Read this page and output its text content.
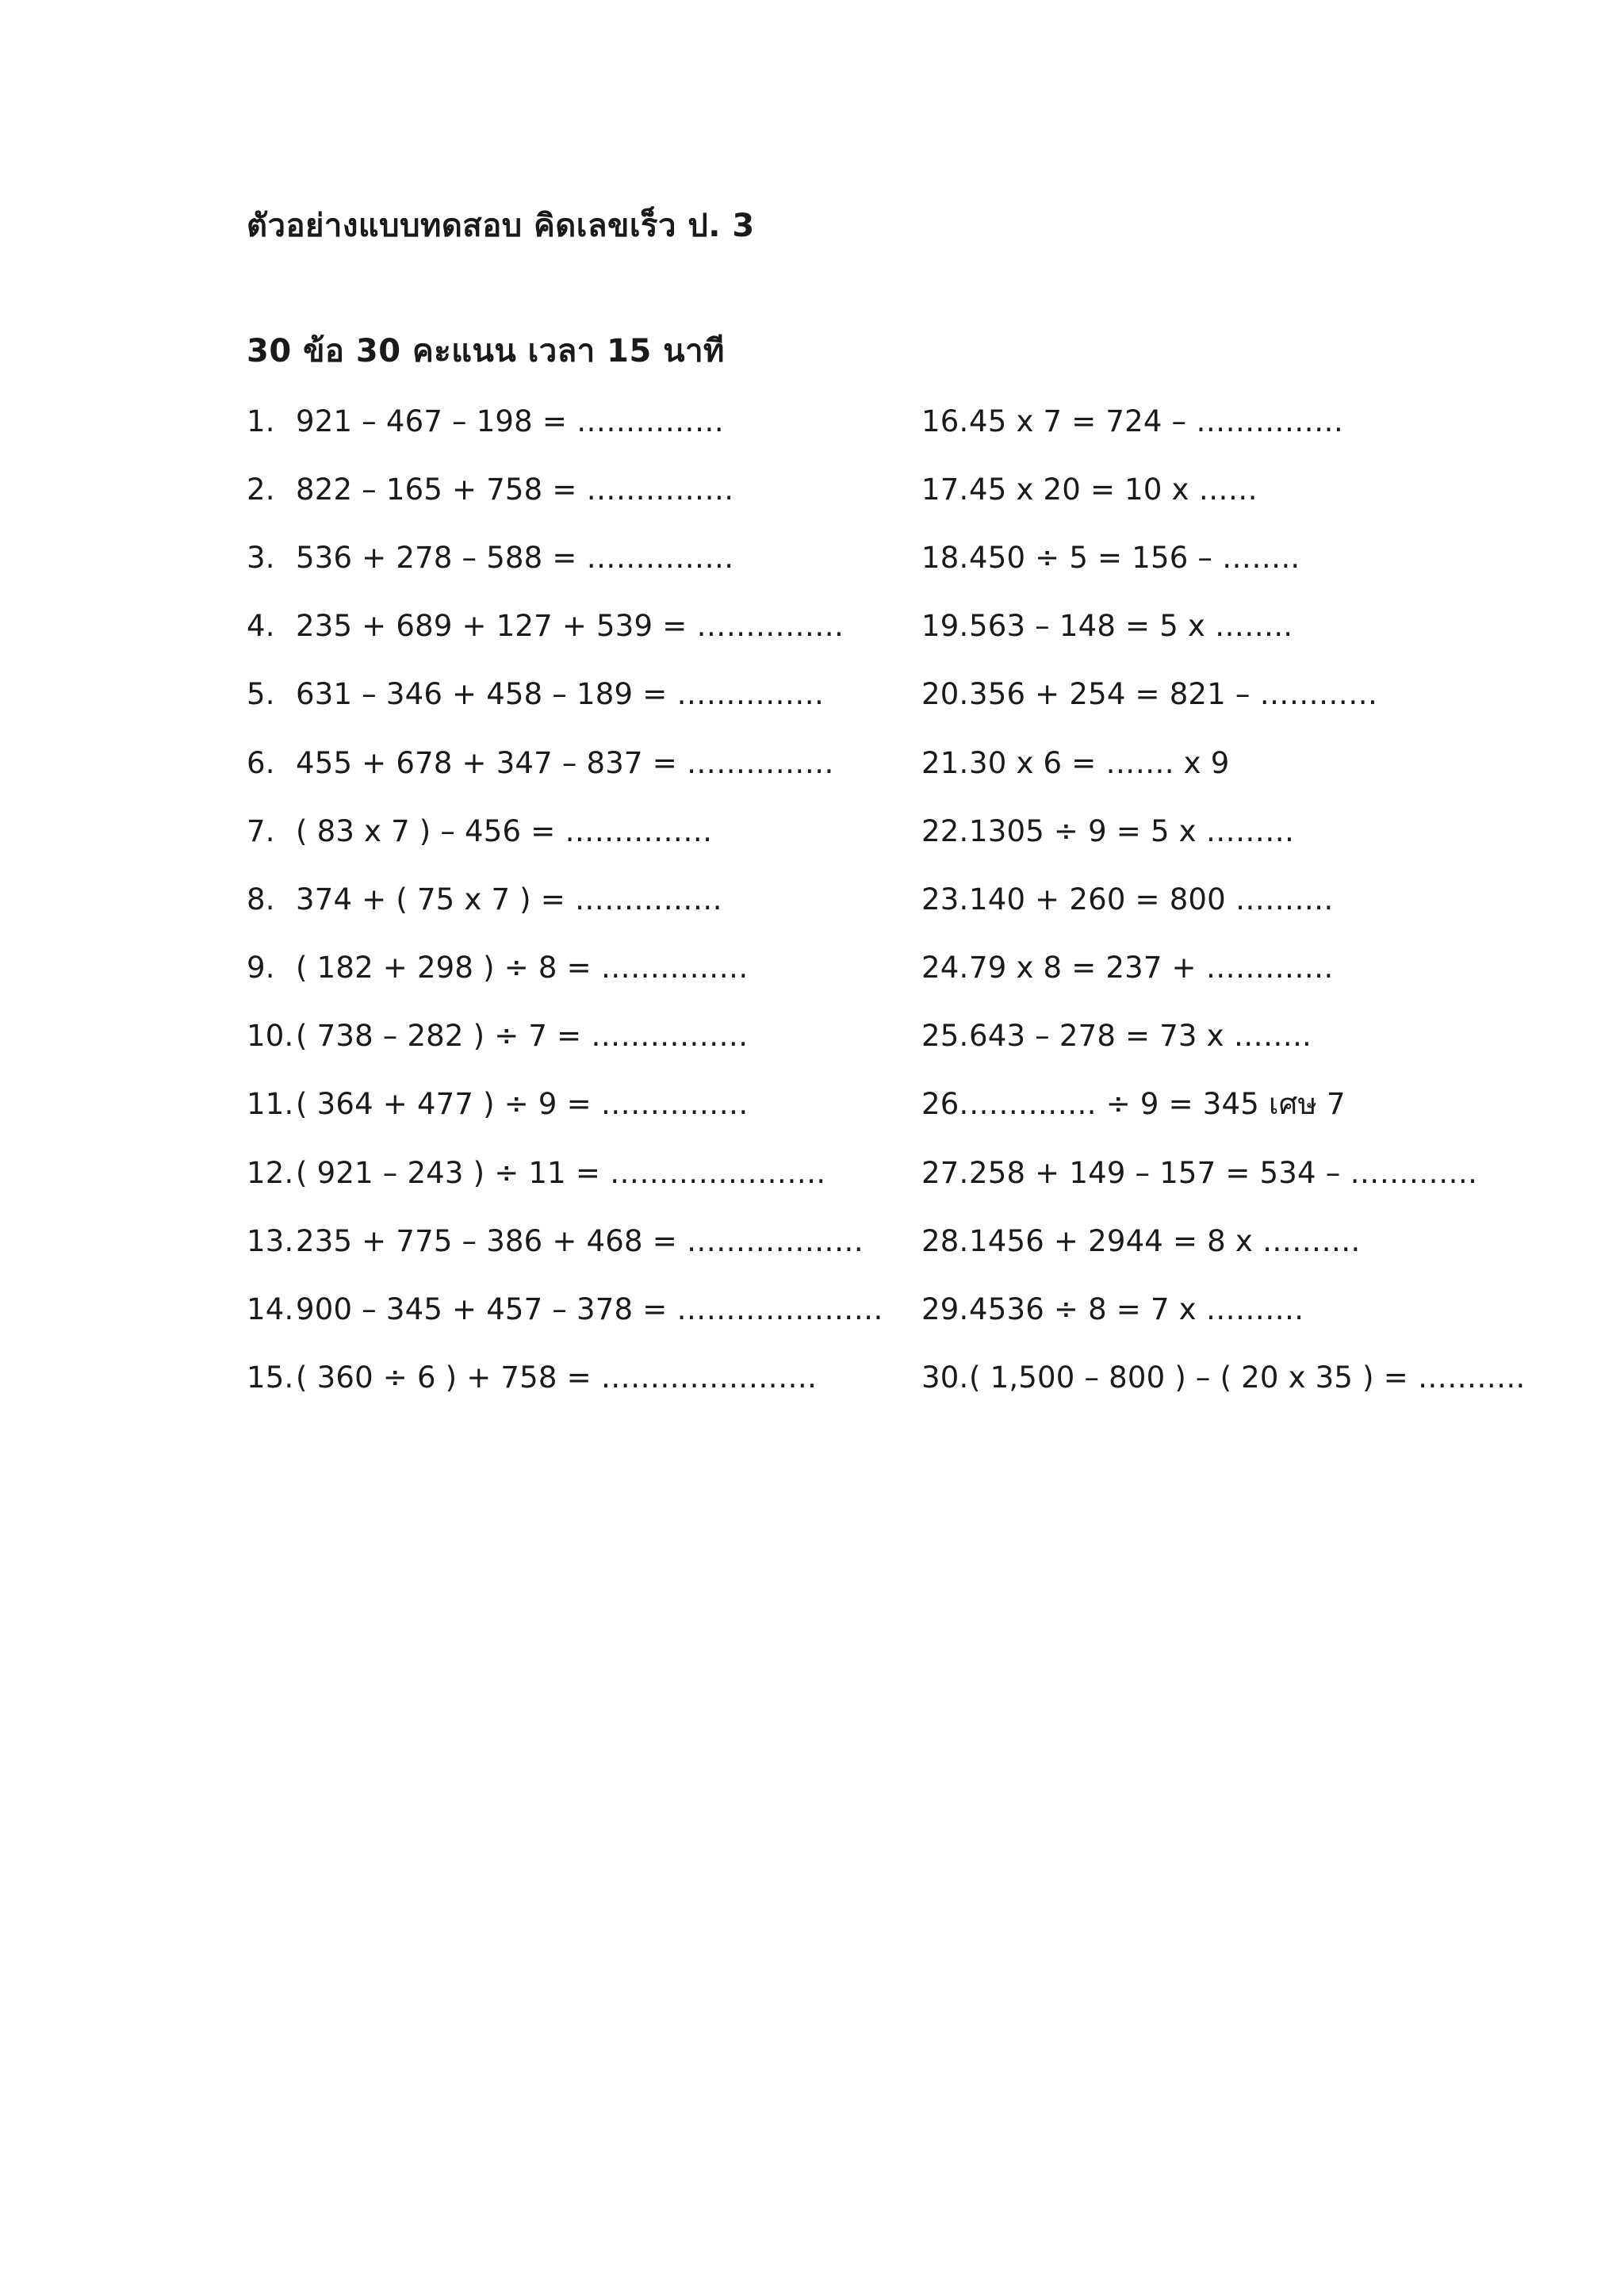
ตัวอย่างแบบทดสอบ คิดเลขเร็ว ป. 3
30 ข้อ 30 คะแนน เวลา 15 นาที
1. 921 – 467 – 198 = ……………
2. 822 – 165 + 758 = ……………
3. 536 + 278 – 588 = ……………
4. 235 + 689 + 127 + 539 = ……………
5. 631 – 346 + 458 – 189 = ……………
6. 455 + 678 + 347 – 837 = ……………
7. ( 83 x 7 ) – 456 = ……………
8. 374 + ( 75 x 7 ) = ……………
9. ( 182 + 298 ) ÷ 8 = ……………
10. ( 738 – 282 ) ÷ 7 = …………….
11. ( 364 + 477 ) ÷ 9 = ……………
12. ( 921 – 243 ) ÷ 11 = ………………….
13. 235 + 775 – 386 + 468 = ………………
14. 900 – 345 + 457 – 378 = …………………
15. ( 360 ÷ 6 ) + 758 = ………………….
16. 45 x 7 = 724 – ……………
17. 45 x 20 = 10 x ……
18. 450 ÷ 5 = 156 – ……..
19. 563 – 148 = 5 x ……..
20. 356 + 254 = 821 – …………
21. 30 x 6 = ……. x 9
22. 1305 ÷ 9 = 5 x ………
23. 140 + 260 = 800 ……….
24. 79 x 8 = 237 + ………….
25. 643 – 278 = 73 x ……..
26. …………. ÷ 9 = 345 เศษ 7
27. 258 + 149 – 157 = 534 – ………….
28. 1456 + 2944 = 8 x ……….
29. 4536 ÷ 8 = 7 x ……….
30. ( 1,500 – 800 ) – ( 20 x 35 ) = ………..
